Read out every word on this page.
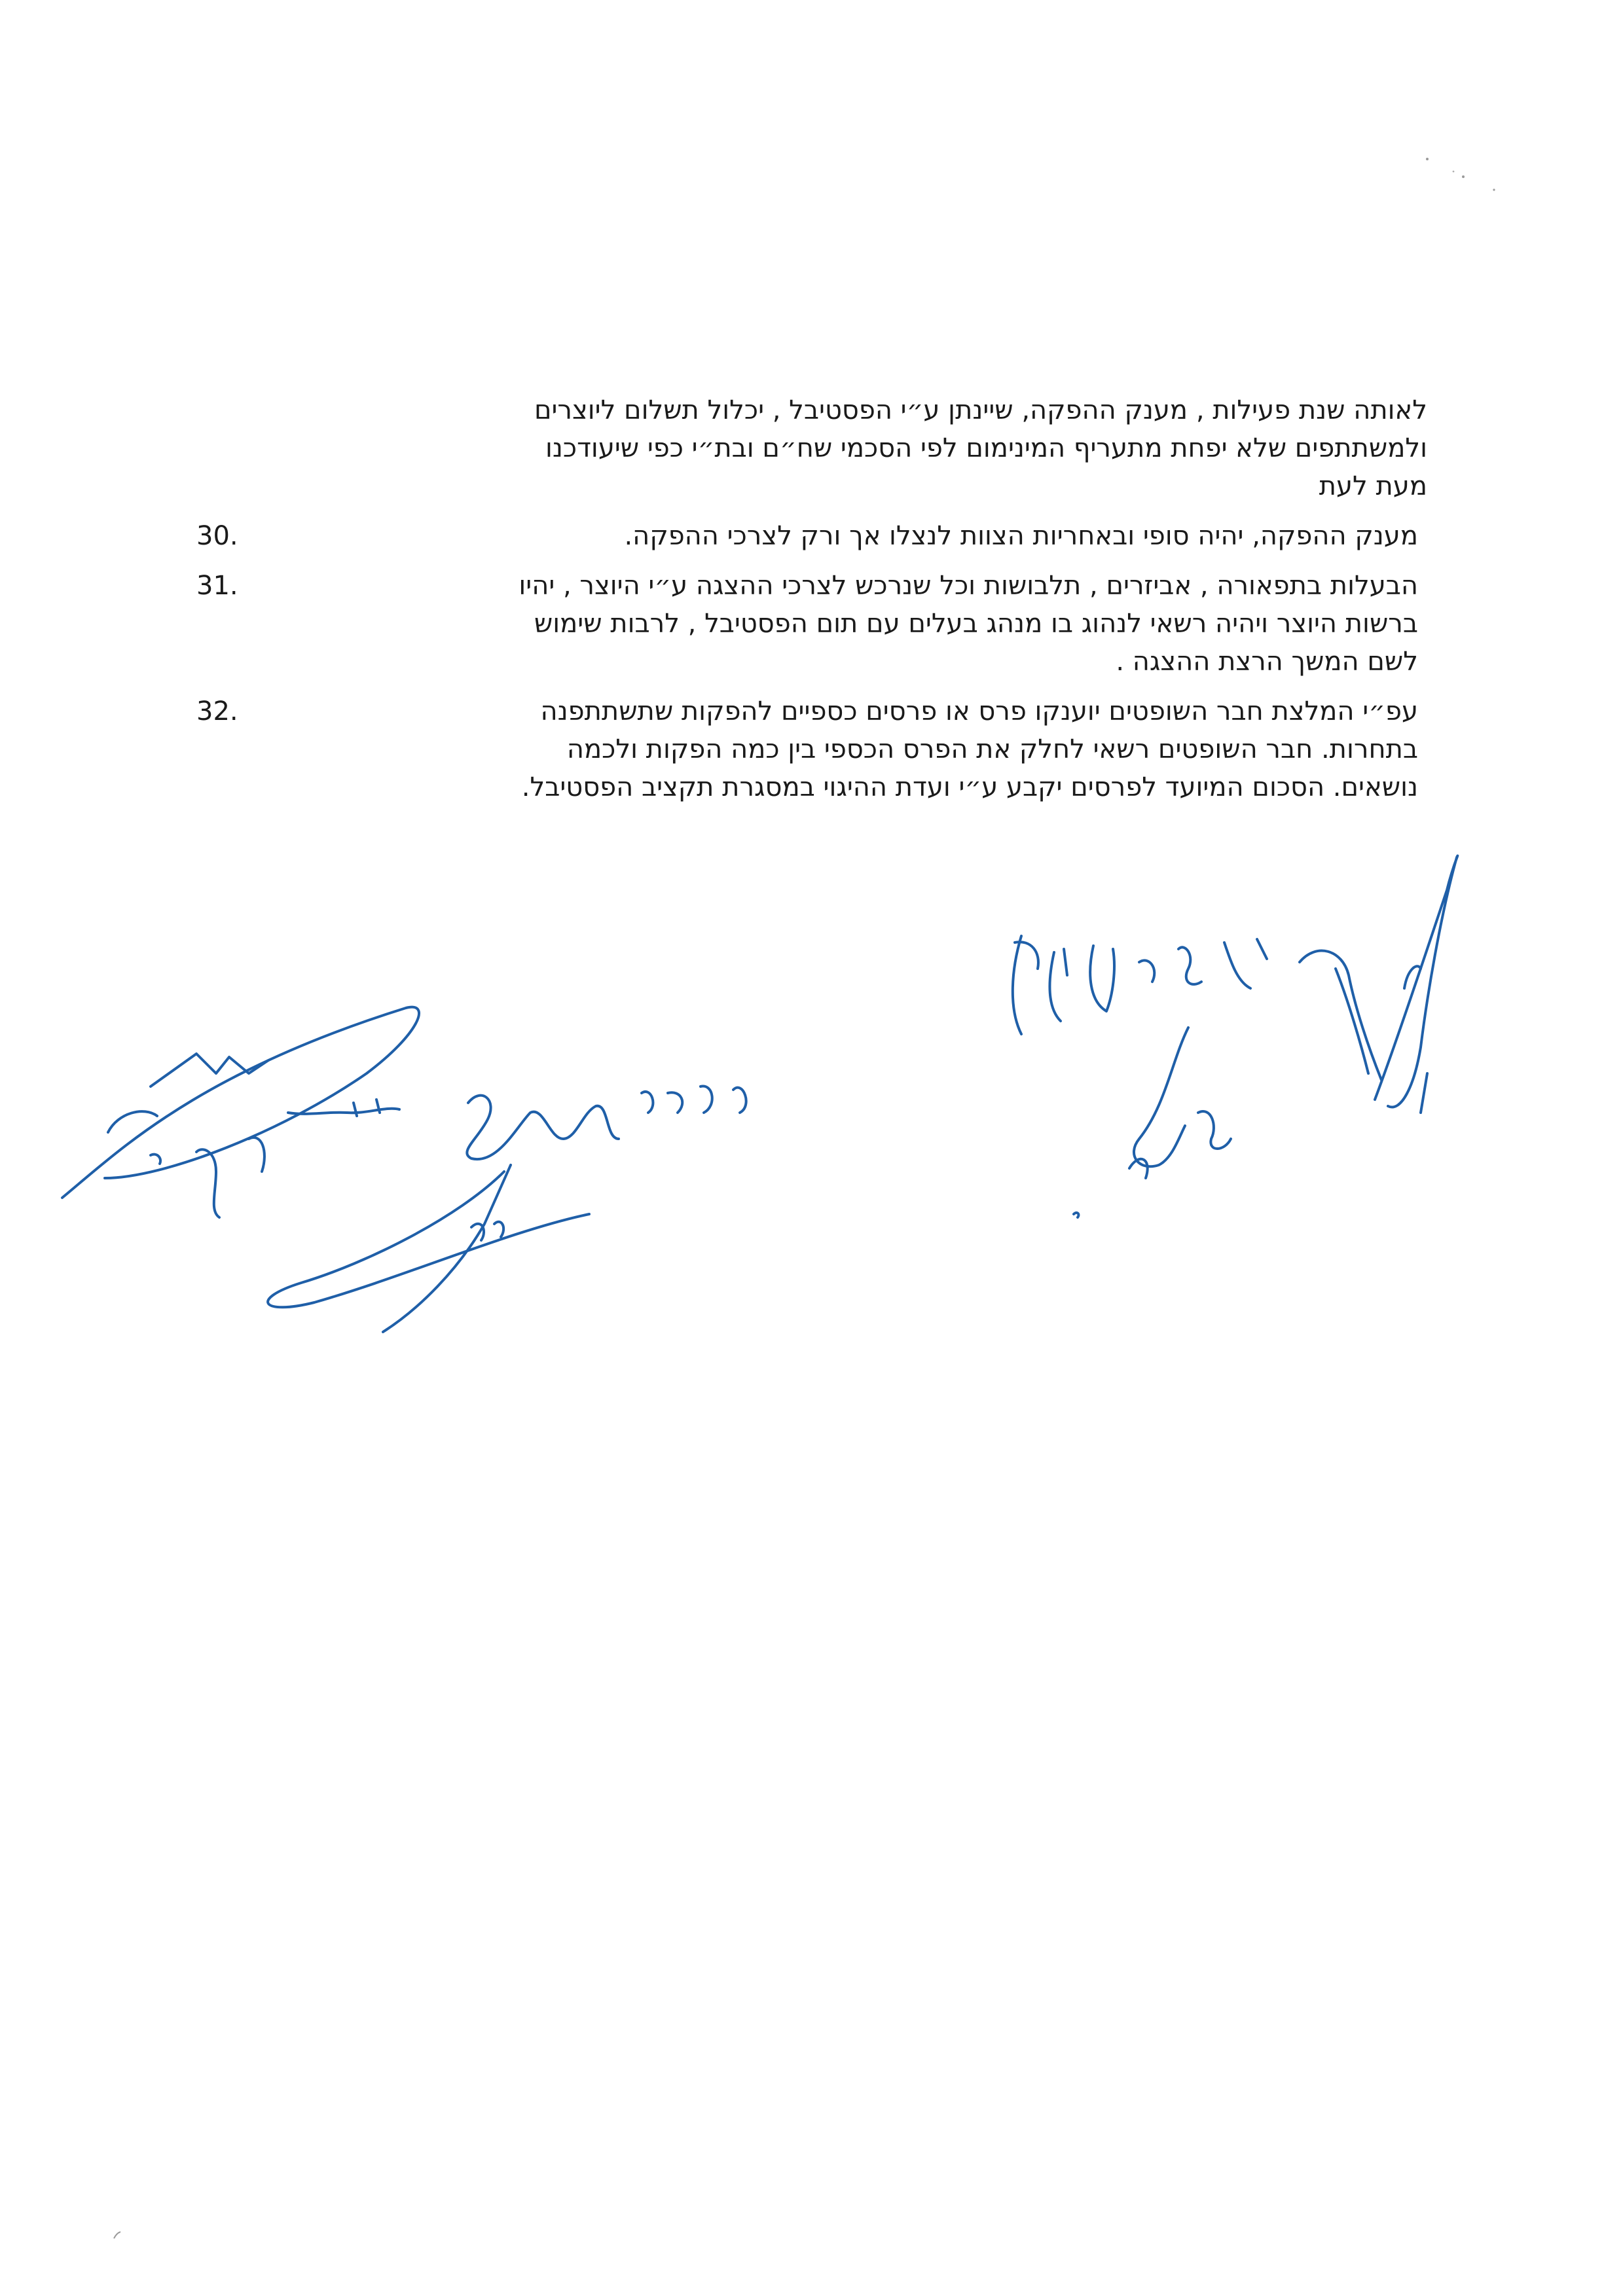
לאותה שנת פעילות , מענק ההפקה, שיינתן ע״י הפסטיבל , יכלול תשלום ליוצרים
ולמשתתפים שלא יפחת מתעריף המינימום לפי הסכמי שח״ם ובת״י כפי שיעודכנו
מעת לעת
מענק ההפקה, יהיה סופי ובאחריות הצוות לנצלו אך ורק לצרכי ההפקה.
30.
הבעלות בתפאורה , אביזרים , תלבושות וכל שנרכש לצרכי ההצגה ע״י היוצר , יהיו
ברשות היוצר ויהיה רשאי לנהוג בו מנהג בעלים עם תום הפסטיבל , לרבות שימוש
לשם המשך הרצת ההצגה .
31.
עפ״י המלצת חבר השופטים יוענקו פרס או פרסים כספיים להפקות שתשתתפנה
בתחרות. חבר השופטים רשאי לחלק את הפרס הכספי בין כמה הפקות ולכמה
נושאים. הסכום המיועד לפרסים יקבע ע״י ועדת ההיגוי במסגרת תקציב הפסטיבל.
32.
